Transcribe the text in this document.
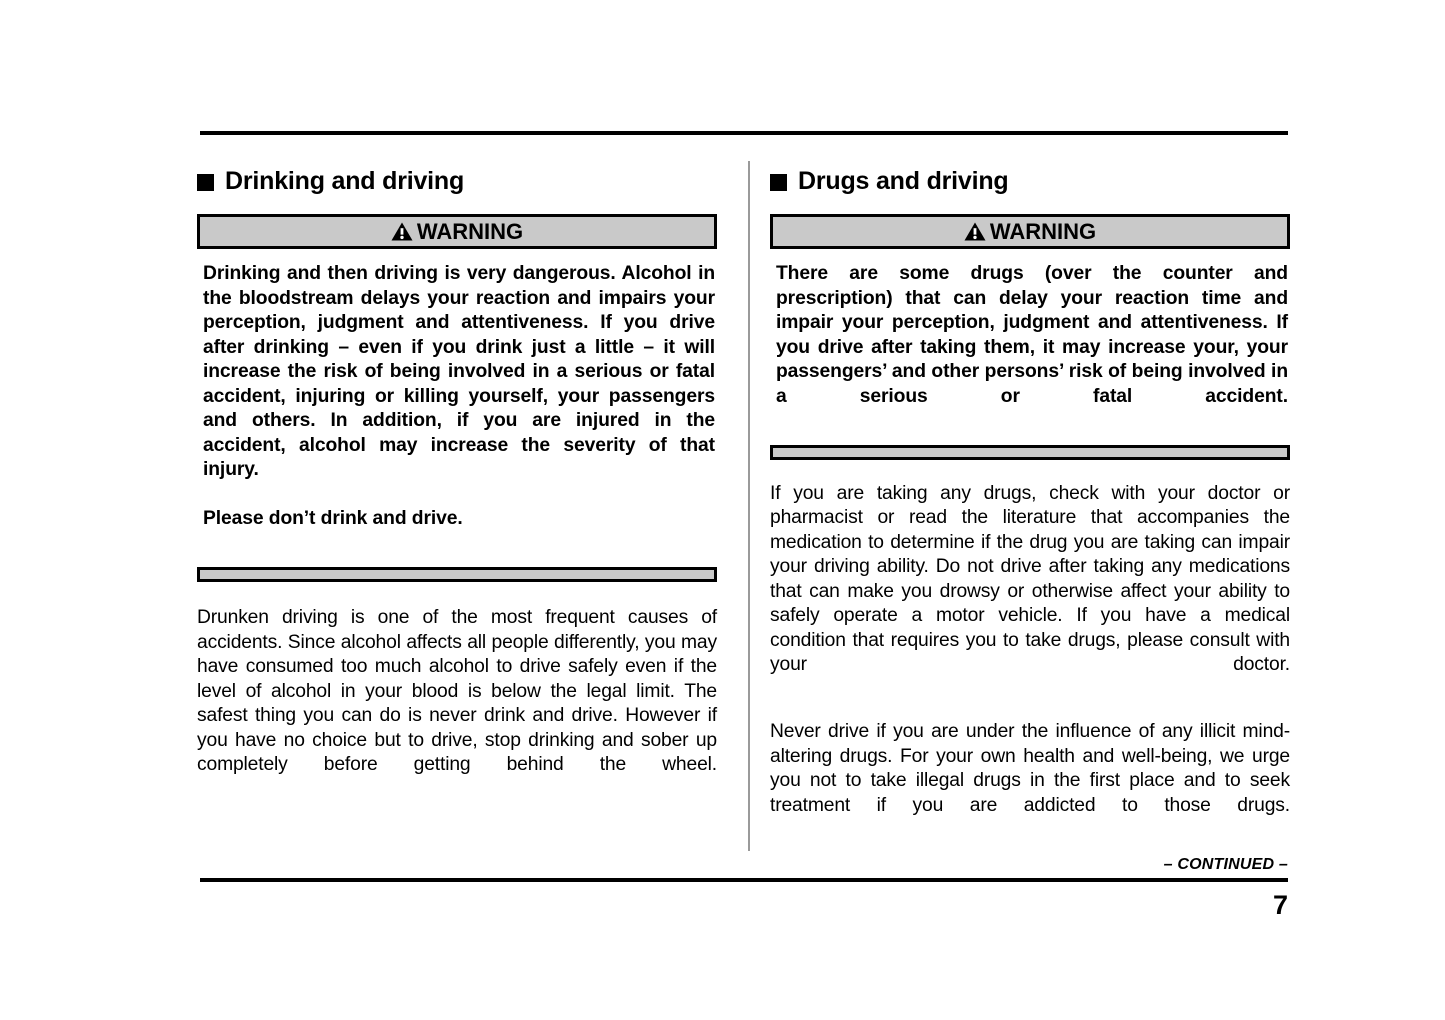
Drinking and driving
WARNING

Drinking and then driving is very dangerous. Alcohol in the bloodstream delays your reaction and impairs your perception, judgment and attentiveness. If you drive after drinking – even if you drink just a little – it will increase the risk of being involved in a serious or fatal accident, injuring or killing yourself, your passengers and others. In addition, if you are injured in the accident, alcohol may increase the severity of that injury.

Please don’t drink and drive.

Drunken driving is one of the most frequent causes of accidents. Since alcohol affects all people differently, you may have consumed too much alcohol to drive safely even if the level of alcohol in your blood is below the legal limit. The safest thing you can do is never drink and drive. However if you have no choice but to drive, stop drinking and sober up completely before getting behind the wheel.

Drugs and driving
WARNING

There are some drugs (over the counter and prescription) that can delay your reaction time and impair your perception, judgment and attentiveness. If you drive after taking them, it may increase your, your passengers’ and other persons’ risk of being involved in a serious or fatal accident.

If you are taking any drugs, check with your doctor or pharmacist or read the literature that accompanies the medication to determine if the drug you are taking can impair your driving ability. Do not drive after taking any medications that can make you drowsy or otherwise affect your ability to safely operate a motor vehicle. If you have a medical condition that requires you to take drugs, please consult with your doctor.

Never drive if you are under the influence of any illicit mind-altering drugs. For your own health and well-being, we urge you not to take illegal drugs in the first place and to seek treatment if you are addicted to those drugs.

– CONTINUED –
7
